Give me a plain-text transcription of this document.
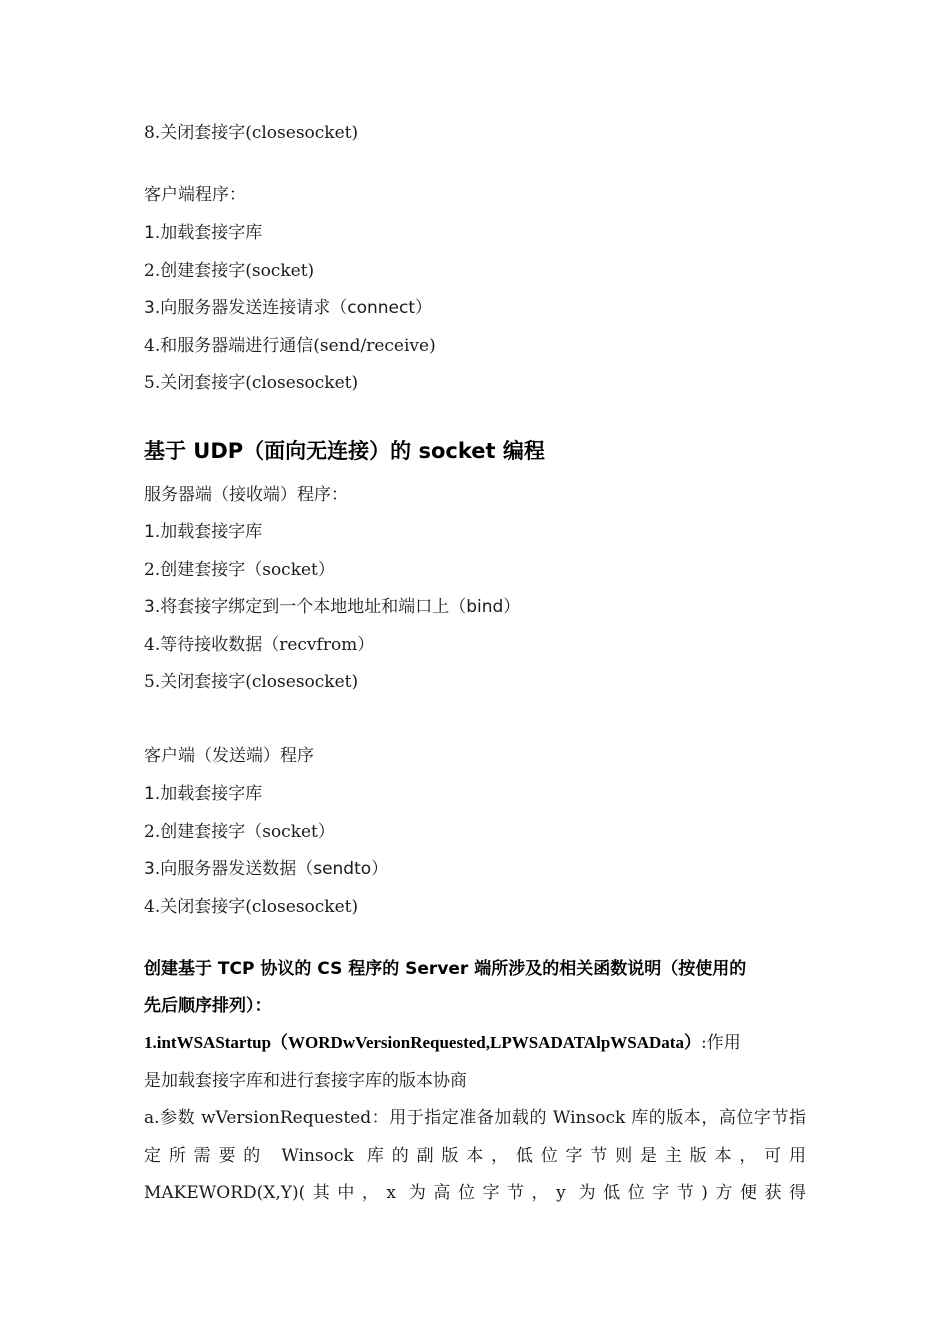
8.关闭套接字(closesocket)

客户端程序：

1.加载套接字库

2.创建套接字(socket)

3.向服务器发送连接请求（connect）

4.和服务器端进行通信(send/receive)

5.关闭套接字(closesocket)

基于 UDP（面向无连接）的 socket 编程

服务器端（接收端）程序：

1.加载套接字库

2.创建套接字（socket）

3.将套接字绑定到一个本地地址和端口上（bind）

4.等待接收数据（recvfrom）

5.关闭套接字(closesocket)

客户端（发送端）程序

1.加载套接字库

2.创建套接字（socket）

3.向服务器发送数据（sendto）

4.关闭套接字(closesocket)

创建基于 TCP 协议的 CS 程序的 Server 端所涉及的相关函数说明（按使用的

先后顺序排列）：

1.intWSAStartup（WORDwVersionRequested,LPWSADATAlpWSAData）:作用

是加载套接字库和进行套接字库的版本协商

a.参数 wVersionRequested：用于指定准备加载的 Winsock 库的版本，高位字节指

定所需要的 Winsock 库的副版本，低位字节则是主版本，可用

MAKEWORD(X,Y)(其中，x 为高位字节，y 为低位字节)方便获得
